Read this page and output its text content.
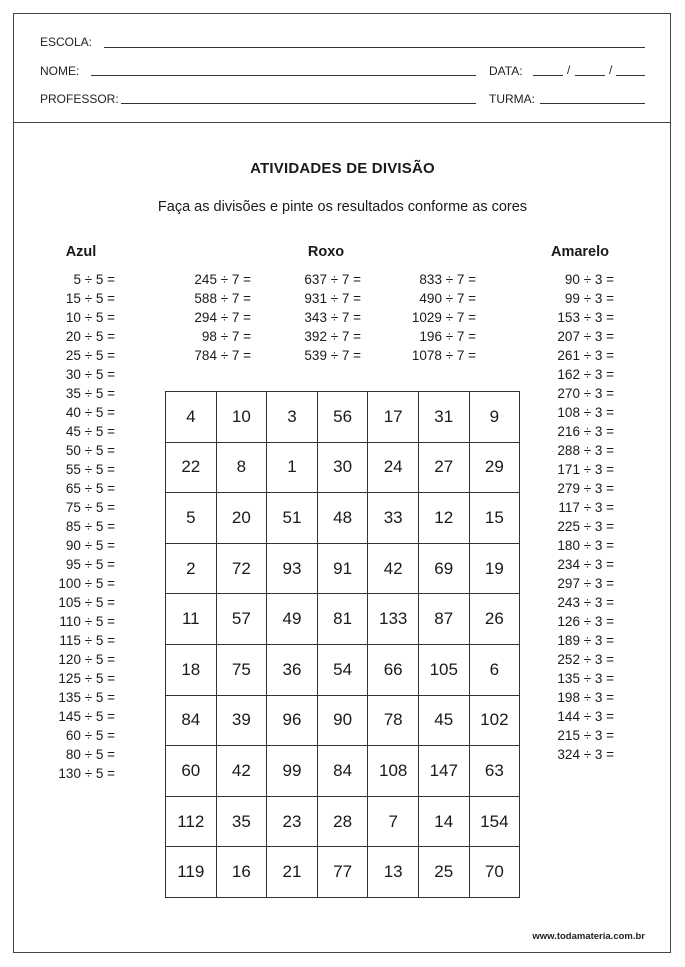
ESCOLA:
NOME:	DATA:	/	/
PROFESSOR:	TURMA:
ATIVIDADES DE DIVISÃO
Faça as divisões e pinte os resultados conforme as cores
Azul	Roxo	Amarelo
5 ÷ 5 =
15 ÷ 5 =
10 ÷ 5 =
20 ÷ 5 =
25 ÷ 5 =
30 ÷ 5 =
35 ÷ 5 =
40 ÷ 5 =
45 ÷ 5 =
50 ÷ 5 =
55 ÷ 5 =
65 ÷ 5 =
75 ÷ 5 =
85 ÷ 5 =
90 ÷ 5 =
95 ÷ 5 =
100 ÷ 5 =
105 ÷ 5 =
110 ÷ 5 =
115 ÷ 5 =
120 ÷ 5 =
125 ÷ 5 =
135 ÷ 5 =
145 ÷ 5 =
60 ÷ 5 =
80 ÷ 5 =
130 ÷ 5 =
245 ÷ 7 =
588 ÷ 7 =
294 ÷ 7 =
98 ÷ 7 =
784 ÷ 7 =
637 ÷ 7 =
931 ÷ 7 =
343 ÷ 7 =
392 ÷ 7 =
539 ÷ 7 =
833 ÷ 7 =
490 ÷ 7 =
1029 ÷ 7 =
196 ÷ 7 =
1078 ÷ 7 =
90 ÷ 3 =
99 ÷ 3 =
153 ÷ 3 =
207 ÷ 3 =
261 ÷ 3 =
162 ÷ 3 =
270 ÷ 3 =
108 ÷ 3 =
216 ÷ 3 =
288 ÷ 3 =
171 ÷ 3 =
279 ÷ 3 =
117 ÷ 3 =
225 ÷ 3 =
180 ÷ 3 =
234 ÷ 3 =
297 ÷ 3 =
243 ÷ 3 =
126 ÷ 3 =
189 ÷ 3 =
252 ÷ 3 =
135 ÷ 3 =
198 ÷ 3 =
144 ÷ 3 =
215 ÷ 3 =
324 ÷ 3 =
4	10	3	56	17	31	9
22	8	1	30	24	27	29
5	20	51	48	33	12	15
2	72	93	91	42	69	19
11	57	49	81	133	87	26
18	75	36	54	66	105	6
84	39	96	90	78	45	102
60	42	99	84	108	147	63
112	35	23	28	7	14	154
119	16	21	77	13	25	70
www.todamateria.com.br
